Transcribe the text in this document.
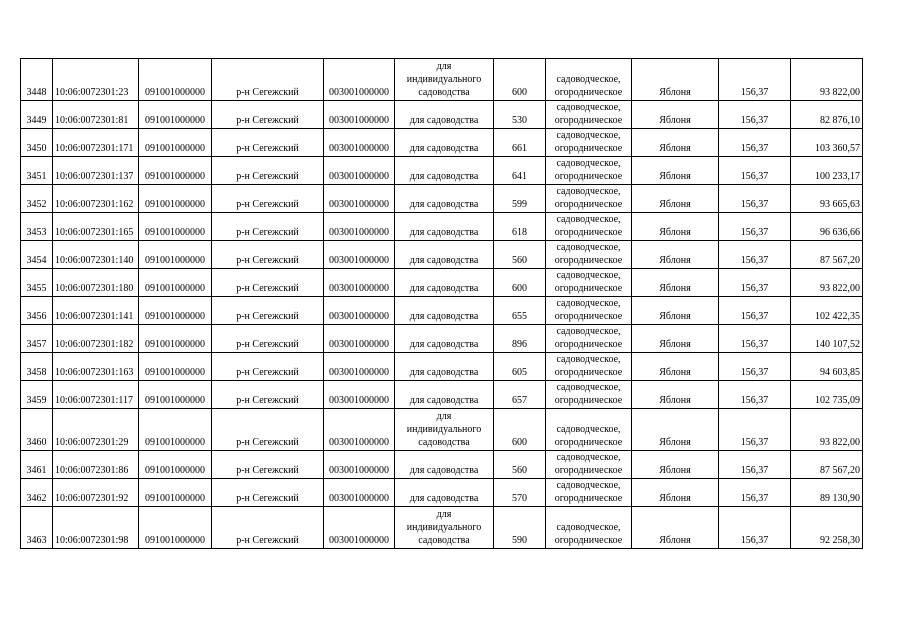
3448	10:06:0072301:23	091001000000	р-н Сегежский	003001000000	для
индивидуального
садоводства	600	садоводческое,
огородническое	Яблоня	156,37	93 822,00
3449	10:06:0072301:81	091001000000	р-н Сегежский	003001000000	для садоводства	530	садоводческое,
огородническое	Яблоня	156,37	82 876,10
3450	10:06:0072301:171	091001000000	р-н Сегежский	003001000000	для садоводства	661	садоводческое,
огородническое	Яблоня	156,37	103 360,57
3451	10:06:0072301:137	091001000000	р-н Сегежский	003001000000	для садоводства	641	садоводческое,
огородническое	Яблоня	156,37	100 233,17
3452	10:06:0072301:162	091001000000	р-н Сегежский	003001000000	для садоводства	599	садоводческое,
огородническое	Яблоня	156,37	93 665,63
3453	10:06:0072301:165	091001000000	р-н Сегежский	003001000000	для садоводства	618	садоводческое,
огородническое	Яблоня	156,37	96 636,66
3454	10:06:0072301:140	091001000000	р-н Сегежский	003001000000	для садоводства	560	садоводческое,
огородническое	Яблоня	156,37	87 567,20
3455	10:06:0072301:180	091001000000	р-н Сегежский	003001000000	для садоводства	600	садоводческое,
огородническое	Яблоня	156,37	93 822,00
3456	10:06:0072301:141	091001000000	р-н Сегежский	003001000000	для садоводства	655	садоводческое,
огородническое	Яблоня	156,37	102 422,35
3457	10:06:0072301:182	091001000000	р-н Сегежский	003001000000	для садоводства	896	садоводческое,
огородническое	Яблоня	156,37	140 107,52
3458	10:06:0072301:163	091001000000	р-н Сегежский	003001000000	для садоводства	605	садоводческое,
огородническое	Яблоня	156,37	94 603,85
3459	10:06:0072301:117	091001000000	р-н Сегежский	003001000000	для садоводства	657	садоводческое,
огородническое	Яблоня	156,37	102 735,09
3460	10:06:0072301:29	091001000000	р-н Сегежский	003001000000	для
индивидуального
садоводства	600	садоводческое,
огородническое	Яблоня	156,37	93 822,00
3461	10:06:0072301:86	091001000000	р-н Сегежский	003001000000	для садоводства	560	садоводческое,
огородническое	Яблоня	156,37	87 567,20
3462	10:06:0072301:92	091001000000	р-н Сегежский	003001000000	для садоводства	570	садоводческое,
огородническое	Яблоня	156,37	89 130,90
3463	10:06:0072301:98	091001000000	р-н Сегежский	003001000000	для
индивидуального
садоводства	590	садоводческое,
огородническое	Яблоня	156,37	92 258,30
